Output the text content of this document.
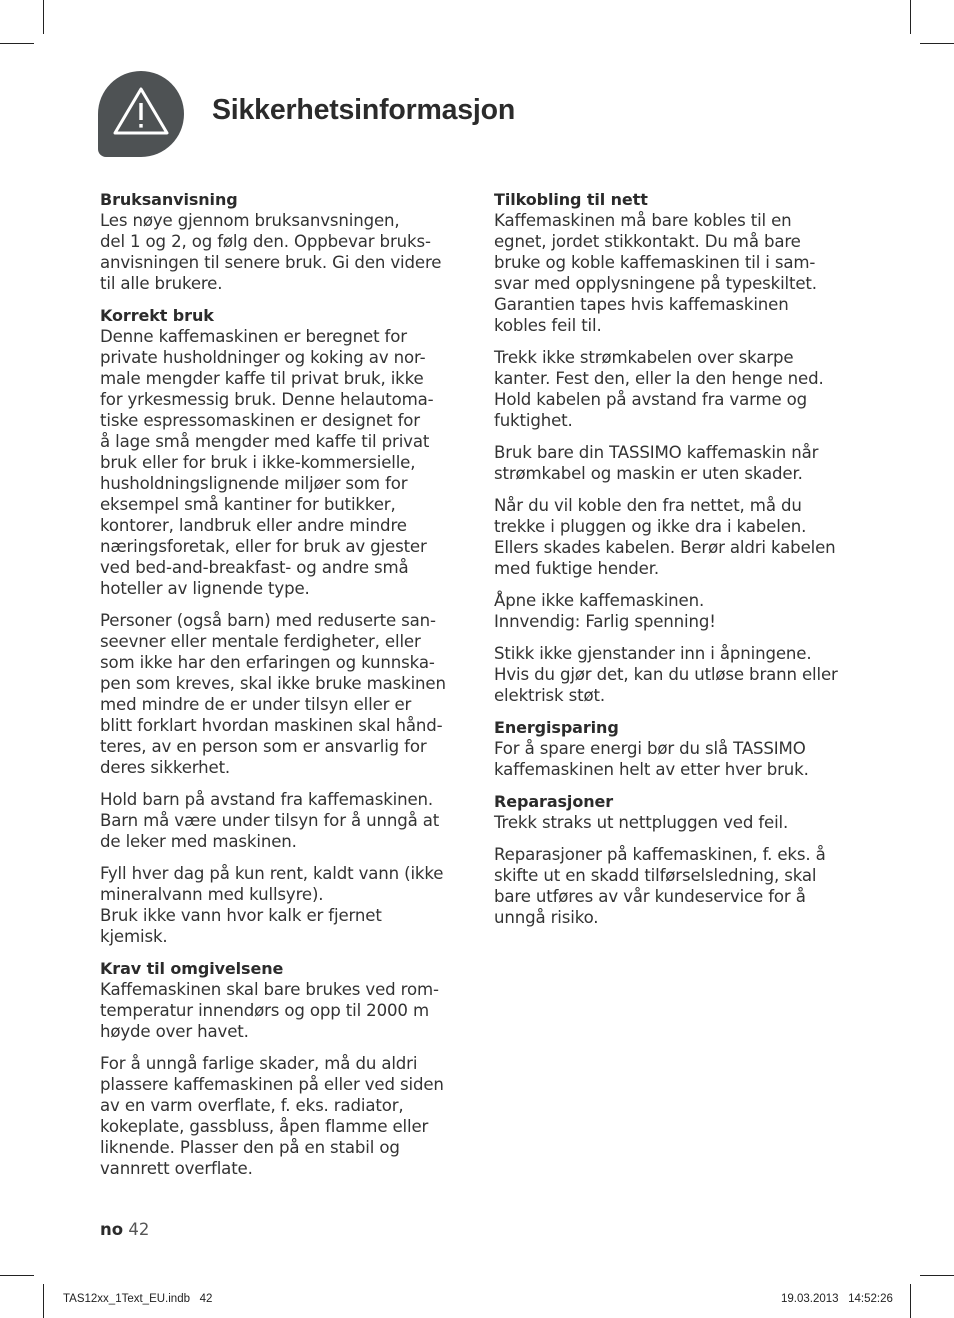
Sikkerhetsinformasjon
Bruksanvisning
Les nøye gjennom bruksanvsningen,
del 1 og 2, og følg den. Oppbevar bruks-
anvisningen til senere bruk. Gi den videre
til alle brukere.
Korrekt bruk
Denne kaffemaskinen er beregnet for
private husholdninger og koking av nor-
male mengder kaffe til privat bruk, ikke
for yrkesmessig bruk. Denne helautoma-
tiske espressomaskinen er designet for
å lage små mengder med kaffe til privat
bruk eller for bruk i ikke-kommersielle,
husholdningslignende miljøer som for
eksempel små kantiner for butikker,
kontorer, landbruk eller andre mindre
næringsforetak, eller for bruk av gjester
ved bed-and-breakfast- og andre små
hoteller av lignende type.
Personer (også barn) med reduserte san-
seevner eller mentale ferdigheter, eller
som ikke har den erfaringen og kunnska-
pen som kreves, skal ikke bruke maskinen
med mindre de er under tilsyn eller er
blitt forklart hvordan maskinen skal hånd-
teres, av en person som er ansvarlig for
deres sikkerhet.
Hold barn på avstand fra kaffemaskinen.
Barn må være under tilsyn for å unngå at
de leker med maskinen.
Fyll hver dag på kun rent, kaldt vann (ikke
mineralvann med kullsyre).
Bruk ikke vann hvor kalk er fjernet
kjemisk.
Krav til omgivelsene
Kaffemaskinen skal bare brukes ved rom-
temperatur innendørs og opp til 2000 m
høyde over havet.
For å unngå farlige skader, må du aldri
plassere kaffemaskinen på eller ved siden
av en varm overflate, f. eks. radiator,
kokeplate, gassbluss, åpen flamme eller
liknende. Plasser den på en stabil og
vannrett overflate.
Tilkobling til nett
Kaffemaskinen må bare kobles til en
egnet, jordet stikkontakt. Du må bare
bruke og koble kaffemaskinen til i sam-
svar med opplysningene på typeskiltet.
Garantien tapes hvis kaffemaskinen
kobles feil til.
Trekk ikke strømkabelen over skarpe
kanter. Fest den, eller la den henge ned.
Hold kabelen på avstand fra varme og
fuktighet.
Bruk bare din TASSIMO kaffemaskin når
strømkabel og maskin er uten skader.
Når du vil koble den fra nettet, må du
trekke i pluggen og ikke dra i kabelen.
Ellers skades kabelen. Berør aldri kabelen
med fuktige hender.
Åpne ikke kaffemaskinen.
Innvendig: Farlig spenning!
Stikk ikke gjenstander inn i åpningene.
Hvis du gjør det, kan du utløse brann eller
elektrisk støt.
Energisparing
For å spare energi bør du slå TASSIMO
kaffemaskinen helt av etter hver bruk.
Reparasjoner
Trekk straks ut nettpluggen ved feil.
Reparasjoner på kaffemaskinen, f. eks. å
skifte ut en skadd tilførselsledning, skal
bare utføres av vår kundeservice for å
unngå risiko.
no 42
TAS12xx_1Text_EU.indb   42	19.03.2013   14:52:26
